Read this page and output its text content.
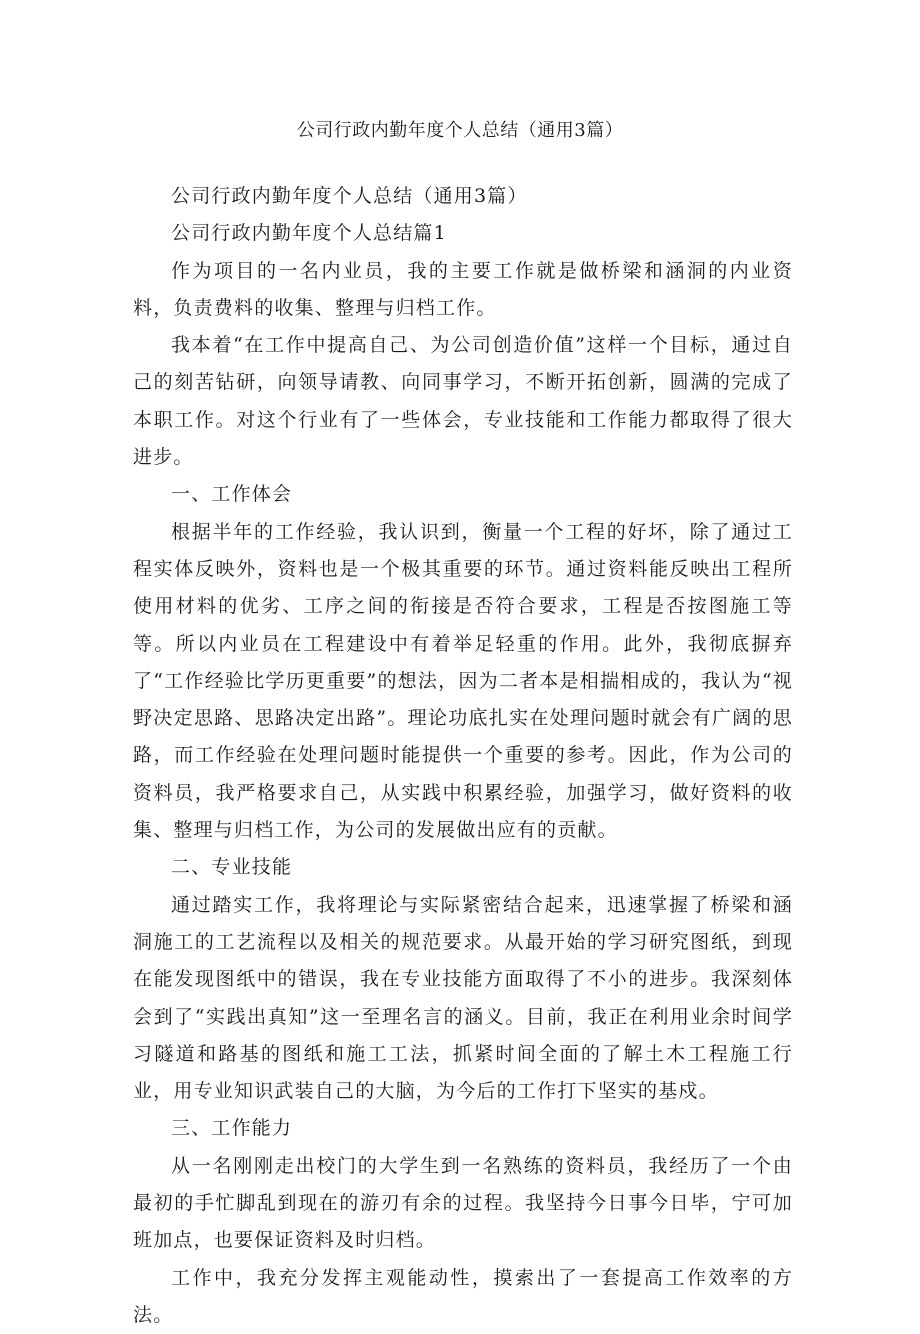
公司行政内勤年度个人总结（通用3篇）

公司行政内勤年度个人总结（通用3篇）

公司行政内勤年度个人总结篇1

作为项目的一名内业员，我的主要工作就是做桥梁和涵洞的内业资料，负责费料的收集、整理与归档工作。

我本着“在工作中提高自己、为公司创造价值”这样一个目标，通过自己的刻苦钻研，向领导请教、向同事学习，不断开拓创新，圆满的完成了本职工作。对这个行业有了一些体会，专业技能和工作能力都取得了很大进步。

一、工作体会

根据半年的工作经验，我认识到，衡量一个工程的好坏，除了通过工程实体反映外，资料也是一个极其重要的环节。通过资料能反映出工程所使用材料的优劣、工序之间的衔接是否符合要求，工程是否按图施工等等。所以内业员在工程建设中有着举足轻重的作用。此外，我彻底摒弃了“工作经验比学历更重要”的想法，因为二者本是相揣相成的，我认为“视野决定思路、思路决定出路”。理论功底扎实在处理问题时就会有广阔的思路，而工作经验在处理问题时能提供一个重要的参考。因此，作为公司的资料员，我严格要求自己，从实践中积累经验，加强学习，做好资料的收集、整理与归档工作，为公司的发展做出应有的贡献。

二、专业技能

通过踏实工作，我将理论与实际紧密结合起来，迅速掌握了桥梁和涵洞施工的工艺流程以及相关的规范要求。从最开始的学习研究图纸，到现在能发现图纸中的错误，我在专业技能方面取得了不小的进步。我深刻体会到了“实践出真知”这一至理名言的涵义。目前，我正在利用业余时间学习隧道和路基的图纸和施工工法，抓紧时间全面的了解土木工程施工行业，用专业知识武装自己的大脑，为今后的工作打下坚实的基戍。

三、工作能力

从一名刚刚走出校门的大学生到一名熟练的资料员，我经历了一个由最初的手忙脚乱到现在的游刃有余的过程。我坚持今日事今日毕，宁可加班加点，也要保证资料及时归档。

工作中，我充分发挥主观能动性，摸索出了一套提高工作效率的方法。
